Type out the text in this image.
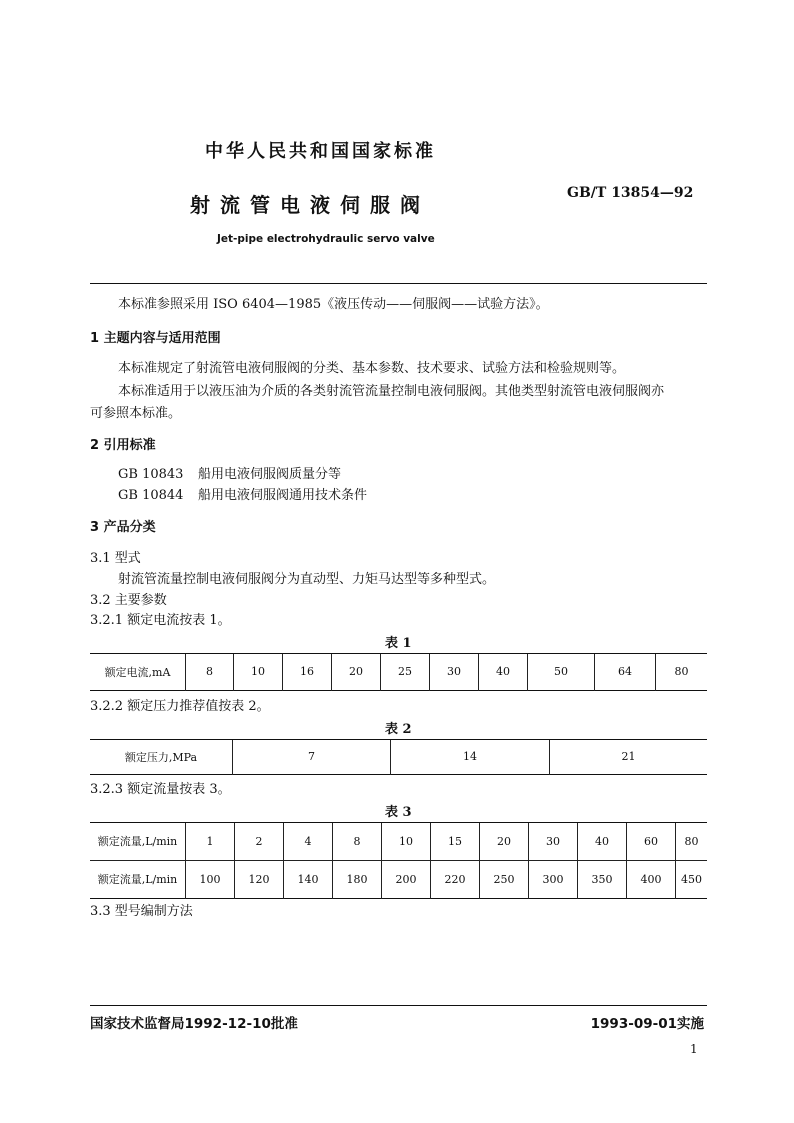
中华人民共和国国家标准
射流管电液伺服阀	GB/T 13854—92
Jet-pipe electrohydraulic servo valve
本标准参照采用 ISO 6404—1985《液压传动——伺服阀——试验方法》。
1 主题内容与适用范围
本标准规定了射流管电液伺服阀的分类、基本参数、技术要求、试验方法和检验规则等。
本标准适用于以液压油为介质的各类射流管流量控制电液伺服阀。其他类型射流管电液伺服阀亦
可参照本标准。
2 引用标准
GB 10843 船用电液伺服阀质量分等
GB 10844 船用电液伺服阀通用技术条件
3 产品分类
3.1 型式
射流管流量控制电液伺服阀分为直动型、力矩马达型等多种型式。
3.2 主要参数
3.2.1 额定电流按表 1。
表 1
额定电流,mA	8	10	16	20	25	30	40	50	64	80
3.2.2 额定压力推荐值按表 2。
表 2
额定压力,MPa	7	14	21
3.2.3 额定流量按表 3。
表 3
额定流量,L/min	1	2	4	8	10	15	20	30	40	60	80
额定流量,L/min	100	120	140	180	200	220	250	300	350	400	450
3.3 型号编制方法
国家技术监督局1992-12-10批准	1993-09-01实施
1
